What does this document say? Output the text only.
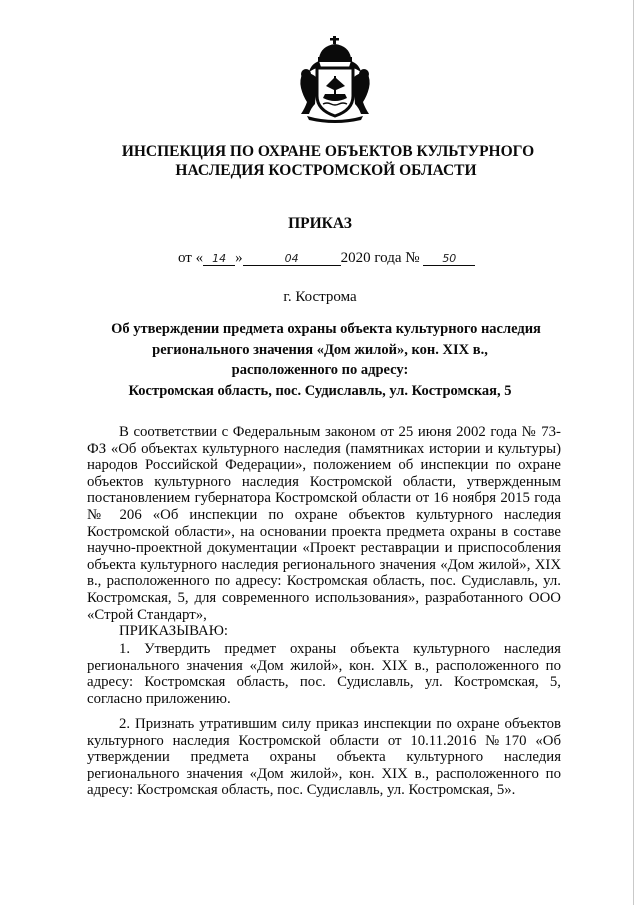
ИНСПЕКЦИЯ ПО ОХРАНЕ ОБЪЕКТОВ КУЛЬТУРНОГО

НАСЛЕДИЯ КОСТРОМСКОЙ ОБЛАСТИ

ПРИКАЗ

от « 14 »	04	2020 года № 50

г. Кострома

Об утверждении предмета охраны объекта культурного наследия

регионального значения «Дом жилой», кон. XIX в.,

расположенного по адресу:

Костромская область, пос. Судиславль, ул. Костромская, 5

В соответствии с Федеральным законом от 25 июня 2002 года № 73-ФЗ «Об объектах культурного наследия (памятниках истории и культуры) народов Российской Федерации», положением об инспекции по охране объектов культурного наследия Костромской области, утвержденным постановлением губернатора Костромской области от 16 ноября 2015 года № 206 «Об инспекции по охране объектов культурного наследия Костромской области», на основании проекта предмета охраны в составе научно-проектной документации «Проект реставрации и приспособления объекта культурного наследия регионального значения «Дом жилой», XIX в., расположенного по адресу: Костромская область, пос. Судиславль, ул. Костромская, 5, для современного использования», разработанного ООО «Строй Стандарт»,

ПРИКАЗЫВАЮ:

1. Утвердить предмет охраны объекта культурного наследия регионального значения «Дом жилой», кон. XIX в., расположенного по адресу: Костромская область, пос. Судиславль, ул. Костромская, 5, согласно приложению.

2. Признать утратившим силу приказ инспекции по охране объектов культурного наследия Костромской области от 10.11.2016 №170 «Об утверждении предмета охраны объекта культурного наследия регионального значения «Дом жилой», кон. XIX в., расположенного по адресу: Костромская область, пос. Судиславль, ул. Костромская, 5».
